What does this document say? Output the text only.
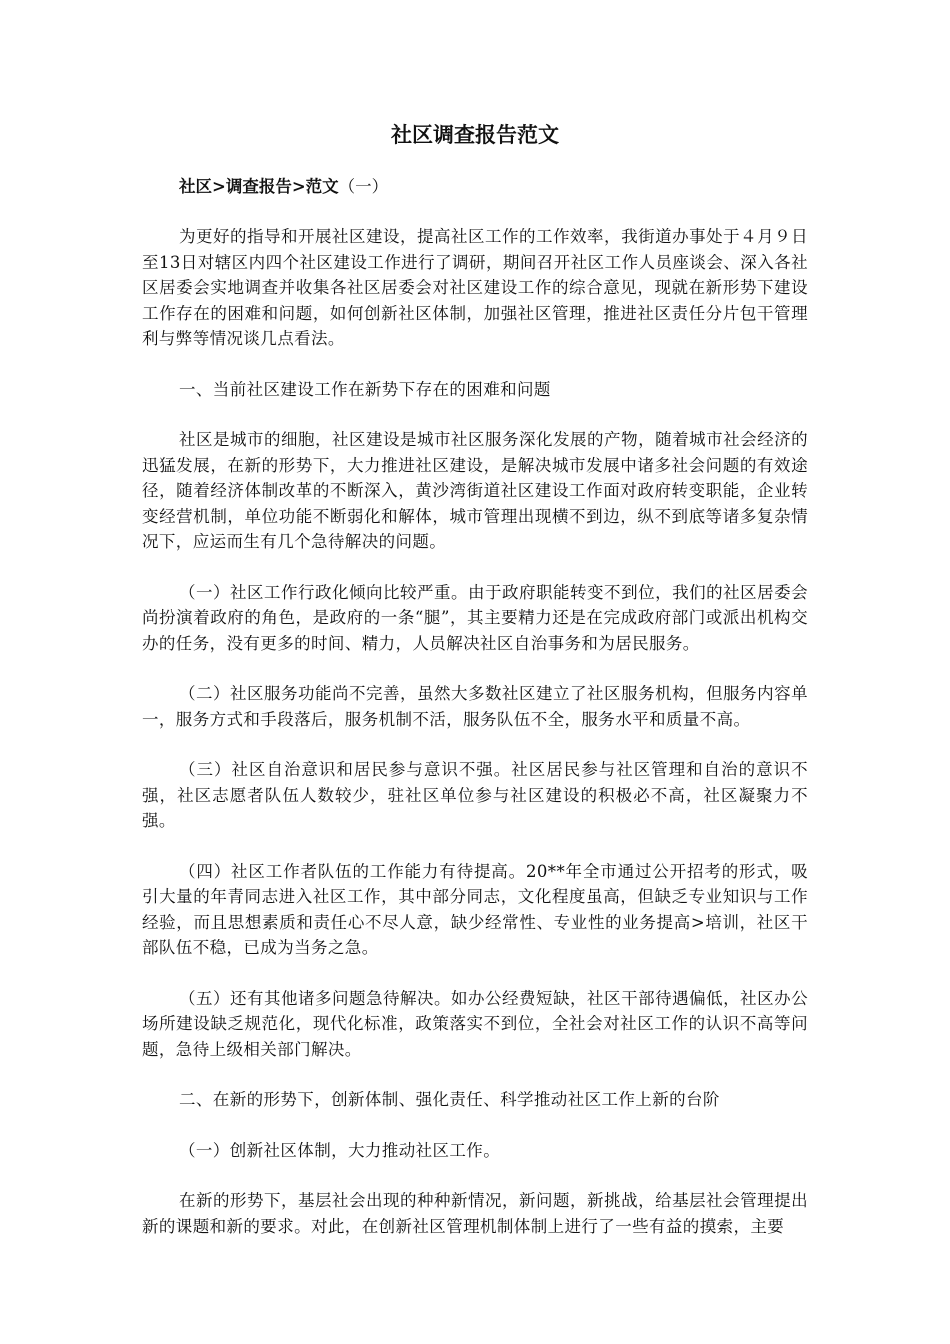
社区调查报告范文
社区>调查报告>范文（一）

为更好的指导和开展社区建设，提高社区工作的工作效率，我街道办事处于４月９日至13日对辖区内四个社区建设工作进行了调研，期间召开社区工作人员座谈会、深入各社区居委会实地调查并收集各社区居委会对社区建设工作的综合意见，现就在新形势下建设工作存在的困难和问题，如何创新社区体制，加强社区管理，推进社区责任分片包干管理利与弊等情况谈几点看法。

一、当前社区建设工作在新势下存在的困难和问题

社区是城市的细胞，社区建设是城市社区服务深化发展的产物，随着城市社会经济的迅猛发展，在新的形势下，大力推进社区建设，是解决城市发展中诸多社会问题的有效途径，随着经济体制改革的不断深入，黄沙湾街道社区建设工作面对政府转变职能，企业转变经营机制，单位功能不断弱化和解体，城市管理出现横不到边，纵不到底等诸多复杂情况下，应运而生有几个急待解决的问题。

（一）社区工作行政化倾向比较严重。由于政府职能转变不到位，我们的社区居委会尚扮演着政府的角色，是政府的一条“腿”，其主要精力还是在完成政府部门或派出机构交办的任务，没有更多的时间、精力，人员解决社区自治事务和为居民服务。

（二）社区服务功能尚不完善，虽然大多数社区建立了社区服务机构，但服务内容单一，服务方式和手段落后，服务机制不活，服务队伍不全，服务水平和质量不高。

（三）社区自治意识和居民参与意识不强。社区居民参与社区管理和自治的意识不强，社区志愿者队伍人数较少，驻社区单位参与社区建设的积极必不高，社区凝聚力不强。

（四）社区工作者队伍的工作能力有待提高。20**年全市通过公开招考的形式，吸引大量的年青同志进入社区工作，其中部分同志，文化程度虽高，但缺乏专业知识与工作经验，而且思想素质和责任心不尽人意，缺少经常性、专业性的业务提高>培训，社区干部队伍不稳，已成为当务之急。

（五）还有其他诸多问题急待解决。如办公经费短缺，社区干部待遇偏低，社区办公场所建设缺乏规范化，现代化标准，政策落实不到位，全社会对社区工作的认识不高等问题，急待上级相关部门解决。

二、在新的形势下，创新体制、强化责任、科学推动社区工作上新的台阶

（一）创新社区体制，大力推动社区工作。

在新的形势下，基层社会出现的种种新情况，新问题，新挑战，给基层社会管理提出新的课题和新的要求。对此，在创新社区管理机制体制上进行了一些有益的摸索，主要
